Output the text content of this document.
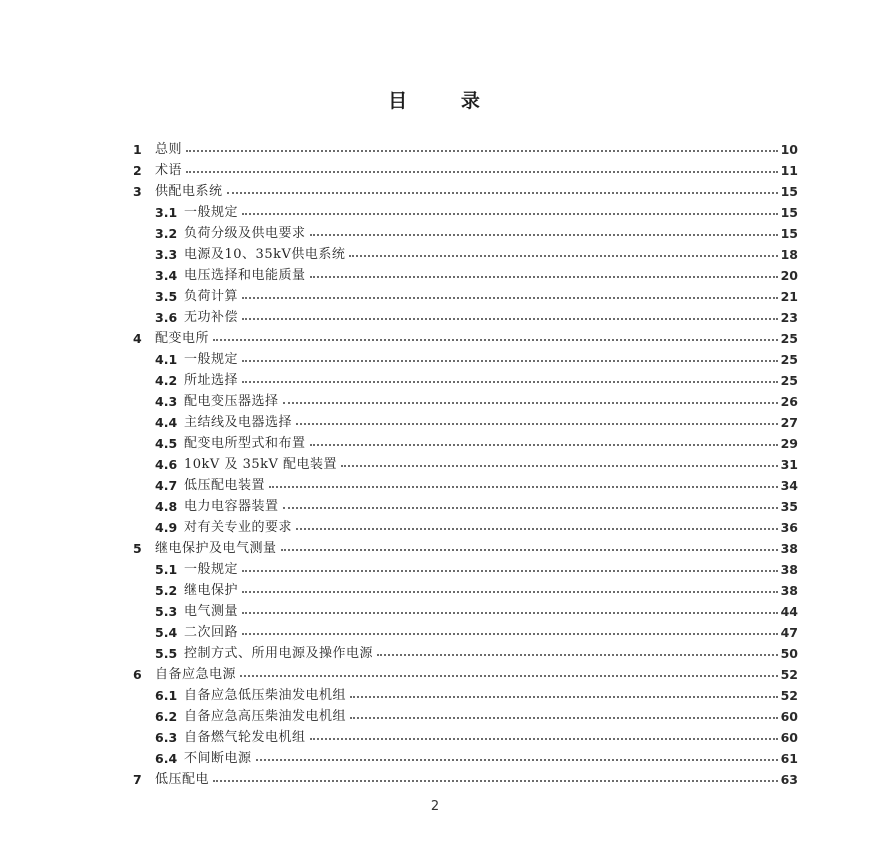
目      录
1	总则	10
2	术语	11
3	供配电系统	15
3.1 一般规定	15
3.2 负荷分级及供电要求	15
3.3 电源及10、35kV供电系统	18
3.4 电压选择和电能质量	20
3.5 负荷计算	21
3.6 无功补偿	23
4	配变电所	25
4.1 一般规定	25
4.2 所址选择	25
4.3 配电变压器选择	26
4.4 主结线及电器选择	27
4.5 配变电所型式和布置	29
4.6 10kV 及 35kV 配电装置	31
4.7 低压配电装置	34
4.8 电力电容器装置	35
4.9 对有关专业的要求	36
5	继电保护及电气测量	38
5.1 一般规定	38
5.2 继电保护	38
5.3 电气测量	44
5.4 二次回路	47
5.5 控制方式、所用电源及操作电源	50
6	自备应急电源	52
6.1 自备应急低压柴油发电机组	52
6.2 自备应急高压柴油发电机组	60
6.3 自备燃气轮发电机组	60
6.4 不间断电源	61
7	低压配电	63
2
